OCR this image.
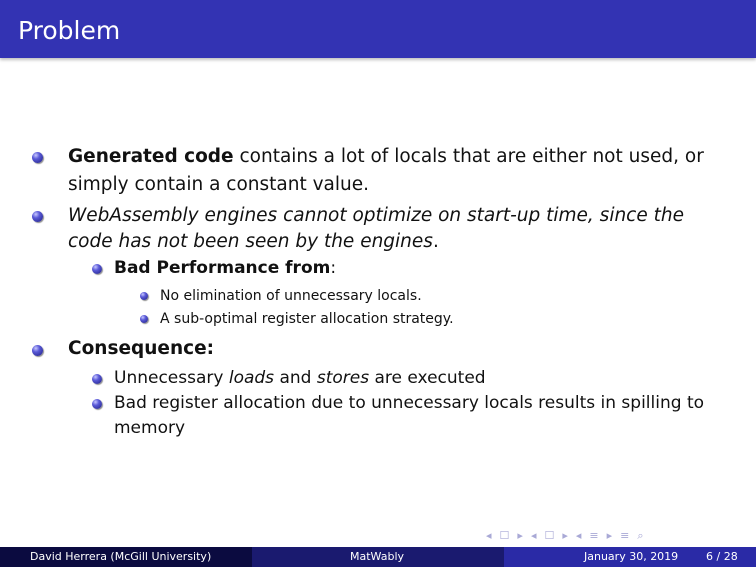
Problem
Generated code contains a lot of locals that are either not used, or
simply contain a constant value.
WebAssembly engines cannot optimize on start-up time, since the
code has not been seen by the engines.
Bad Performance from:
No elimination of unnecessary locals.
A sub-optimal register allocation strategy.
Consequence:
Unnecessary loads and stores are executed
Bad register allocation due to unnecessary locals results in spilling to
memory
◂ ☐ ▸ ◂ ☐ ▸ ◂ ≡ ▸ ≡ ⌕
David Herrera (McGill University)	MatWably	January 30, 2019	6 / 28
